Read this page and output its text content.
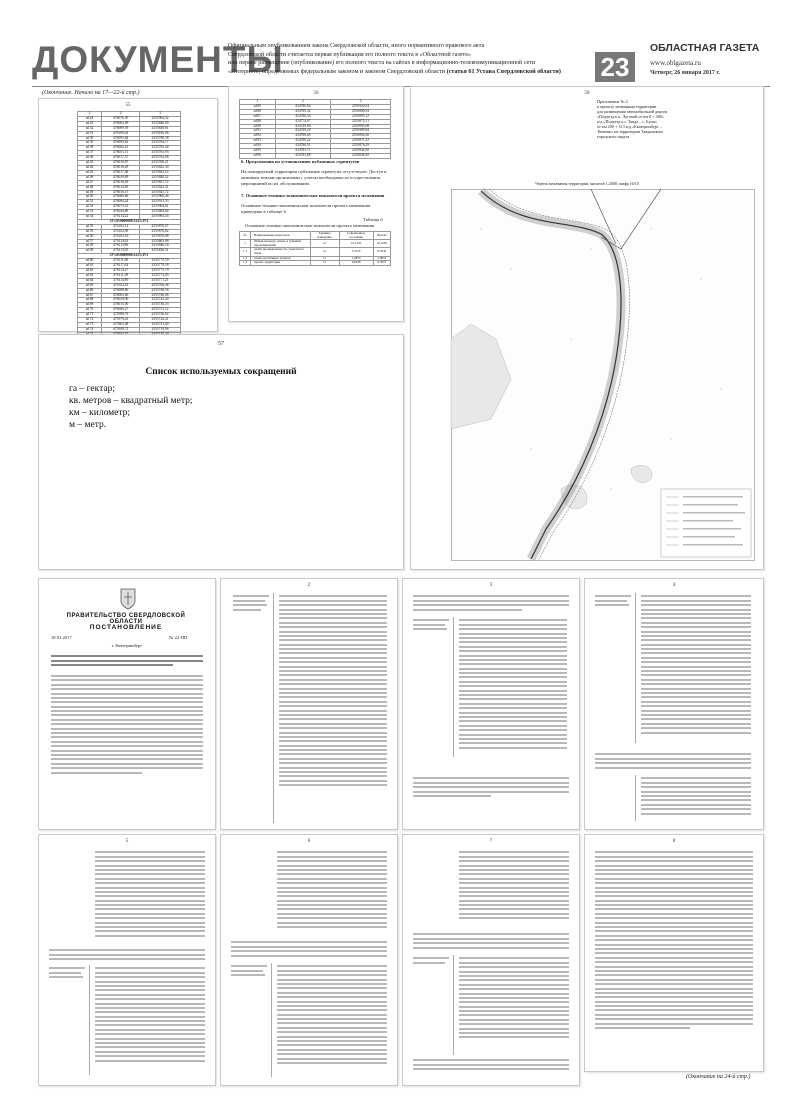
ДОКУМЕНТЫ
Официальным опубликованием закона Свердловской области, иного нормативного правового акта
Свердловской области считается первая публикация его полного текста в «Областной газете»
или первое размещение (опубликование) его полного текста на сайтах в информационно-телекоммуникационной сети
«Интернет», определяемых федеральным законом и законом Свердловской области (статья 61 Устава Свердловской области)	23
ОБЛАСТНАЯ ГАЗЕТА
www.oblgazeta.ru
Четверг, 26 января 2017 г.
(Окончание. Начало на 17—22-й стр.)
55
1	2	3
н124	476076,50	2555904,52
н125	476082,06	2555846,00
н132	476089,95	2555828,61
н131	476100,02	2555816,06
н130	476095,84	2555788,38
н139	476095,82	2555784,17
н138	476062,21	2555765,44
н137	476051,11	2555763,93
н146	476017,37	2555762,08
н145	476010,87	2555760,21
н144	476018,29	2555822,30
н143	476017,08	2555841,14
н106	476039,89	2555840,22
н147	476016,49	2555857,72
н148	476014,83	2555922,31
н149	476016,15	2555923,72
н150	476066,66	2555960,48
н151	476084,24	2555913,33
н152	476075,23	2555904,61
н153	476044,86	2555884,64
н154	476114,22	2555904,54
ЗУ:28:0000000:1231:ЗУ2		
н155	476102,12	2555876,07
н155	476102,09	2555876,62
н156	476102,16	2555876,98
н157	476114,63	2555863,08
н158	476113,86	2555846,16
н159	476113,05	2555836,51
ЗУ:28:0000000:1231:ЗУ2		
н160	476111,06	2555779,59
н161	476117,62	2555779,18
н162	476114,27	2555775,70
н163	476111,09	2555774,05
н164	476114,90	2555771,21
н165	476102,23	2555766,48
н166	476088,80	2555748,56
н167	476063,66	2555746,66
н168	476028,96	2555742,20
н169	476015,00	2555736,53
н170	476000,27	2555731,12
н171	475988,79	2555726,62
н172	475979,41	2555724,21
н173	475963,08	2555721,00
н174	475949,72	2555719,96

56
1	2	3
н189	434780,84	2555920,54
н188	434789,32	2555880,54
н187	434786,54	2555895,12
н186	434774,97	2555875,11
н190	434749,86	2555893,98
н191	434749,20	2555909,94
н192	434788,65	2555894,30
н193	434780,22	2555871,32
н194	434788,51	2555876,29
н195	434783,71	2555844,50
н196	434783,88	2555848,49
6. Предложения по установлению публичных сервитутов
На планируемой территории публичные сервитуты отсутствуют. Доступ к межевым землям организован с учетом необходимости осуществления мероприятий по их обслуживанию.
7. Основные технико-экономические показатели проекта межевания
Основные технико-экономические показатели проекта межевания приведены в таблице 6.
Таблица 6
Основные технико-экономические показатели проекта межевания
№	Наименование показателя	Единица измерения	Современное состояние	Проект
1	Общая площадь земель в границах проектирования	га	10,1592	10,1592
1.1	земли промышленности, транспорта, связи	га	3,3145	8,5536
1.2	земли населённых пунктов	га	1,0874	1,0874
1.3	прочие территории	га	6,8248	0,5057
57
Список используемых сокращений
га – гектар;
кв. метров – квадратный метр;
км – километр;
м – метр.
58
Приложение № 2
к проекту межевания территории
для размещения автомобильной дороги
«Подъезд к п. Луговой от км 0 + 380»
к/д «Подъезд к г. Тавда – с. Бучи»
от км 200 + 313 к/д «Екатеринбург –
Тюмень» на территории Тавдинского
городского округа
Чертеж межевания территории, масштаб 1:2000, шифр 16/10
ПРАВИТЕЛЬСТВО СВЕРДЛОВСКОЙ ОБЛАСТИ
ПОСТАНОВЛЕНИЕ
18.01.2017	№ 22-ПП
г. Екатеринбург
2	3	4
5	6	7	8
(Окончание на 24-й стр.)
